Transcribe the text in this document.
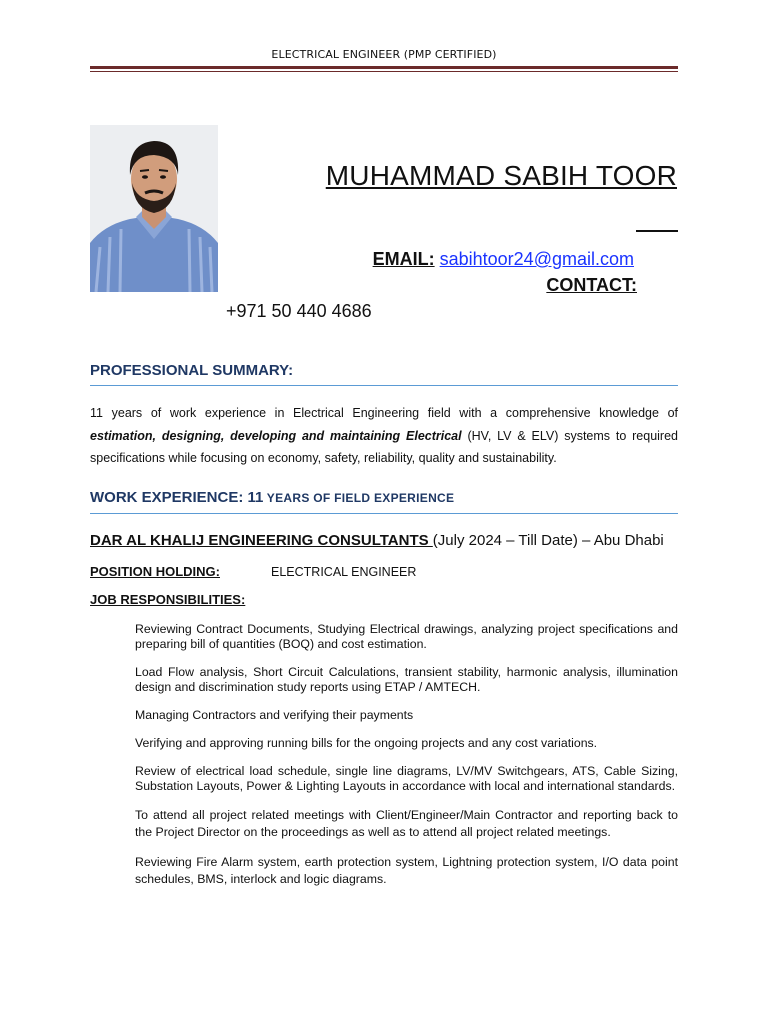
ELECTRICAL ENGINEER (PMP CERTIFIED)
MUHAMMAD SABIH TOOR
EMAIL: sabihtoor24@gmail.com
CONTACT:
+971 50 440 4686
PROFESSIONAL SUMMARY:
11 years of work experience in Electrical Engineering field with a comprehensive knowledge of estimation, designing, developing and maintaining Electrical (HV, LV & ELV) systems to required specifications while focusing on economy, safety, reliability, quality and sustainability.
WORK EXPERIENCE: 11 YEARS OF FIELD EXPERIENCE
DAR AL KHALIJ ENGINEERING CONSULTANTS (July 2024 – Till Date) – Abu Dhabi
POSITION HOLDING:	ELECTRICAL ENGINEER
JOB RESPONSIBILITIES:
Reviewing Contract Documents, Studying Electrical drawings, analyzing project specifications and preparing bill of quantities (BOQ) and cost estimation.
Load Flow analysis, Short Circuit Calculations, transient stability, harmonic analysis, illumination design and discrimination study reports using ETAP / AMTECH.
Managing Contractors and verifying their payments
Verifying and approving running bills for the ongoing projects and any cost variations.
Review of electrical load schedule, single line diagrams, LV/MV Switchgears, ATS, Cable Sizing, Substation Layouts, Power & Lighting Layouts in accordance with local and international standards.
To attend all project related meetings with Client/Engineer/Main Contractor and reporting back to the Project Director on the proceedings as well as to attend all project related meetings.
Reviewing Fire Alarm system, earth protection system, Lightning protection system, I/O data point schedules, BMS, interlock and logic diagrams.
